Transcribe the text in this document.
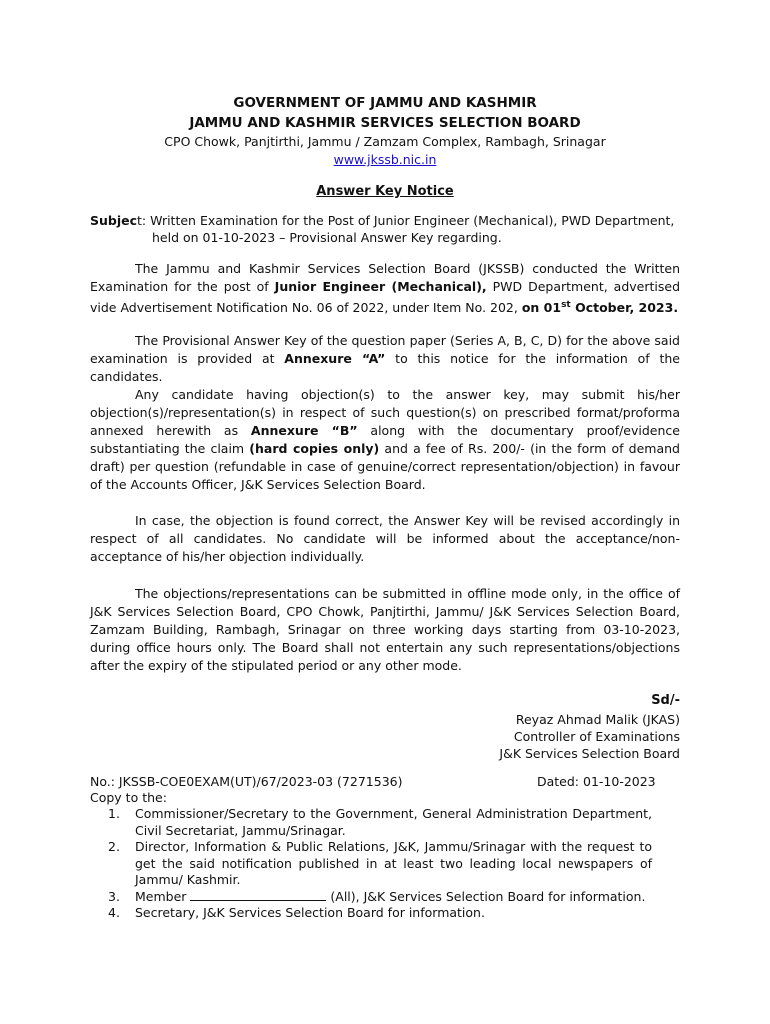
GOVERNMENT OF JAMMU AND KASHMIR
JAMMU AND KASHMIR SERVICES SELECTION BOARD
CPO Chowk, Panjtirthi, Jammu / Zamzam Complex, Rambagh, Srinagar
www.jkssb.nic.in
Answer Key Notice
Subject: Written Examination for the Post of Junior Engineer (Mechanical), PWD Department,
held on 01-10-2023 – Provisional Answer Key regarding.
The Jammu and Kashmir Services Selection Board (JKSSB) conducted the Written Examination for the post of Junior Engineer (Mechanical), PWD Department, advertised vide Advertisement Notification No. 06 of 2022, under Item No. 202, on 01st October, 2023.
The Provisional Answer Key of the question paper (Series A, B, C, D) for the above said examination is provided at Annexure “A” to this notice for the information of the candidates.
Any candidate having objection(s) to the answer key, may submit his/her objection(s)/representation(s) in respect of such question(s) on prescribed format/proforma annexed herewith as Annexure “B” along with the documentary proof/evidence substantiating the claim (hard copies only) and a fee of Rs. 200/- (in the form of demand draft) per question (refundable in case of genuine/correct representation/objection) in favour of the Accounts Officer, J&K Services Selection Board.
In case, the objection is found correct, the Answer Key will be revised accordingly in respect of all candidates. No candidate will be informed about the acceptance/non-acceptance of his/her objection individually.
The objections/representations can be submitted in offline mode only, in the office of J&K Services Selection Board, CPO Chowk, Panjtirthi, Jammu/ J&K Services Selection Board, Zamzam Building, Rambagh, Srinagar on three working days starting from 03-10-2023, during office hours only. The Board shall not entertain any such representations/objections after the expiry of the stipulated period or any other mode.
Sd/-
Reyaz Ahmad Malik (JKAS)
Controller of Examinations
J&K Services Selection Board
No.: JKSSB-COE0EXAM(UT)/67/2023-03 (7271536)	Dated: 01-10-2023
Copy to the:
1. Commissioner/Secretary to the Government, General Administration Department, Civil Secretariat, Jammu/Srinagar.
2. Director, Information & Public Relations, J&K, Jammu/Srinagar with the request to get the said notification published in at least two leading local newspapers of Jammu/ Kashmir.
3. Member	(All), J&K Services Selection Board for information.
4. Secretary, J&K Services Selection Board for information.
